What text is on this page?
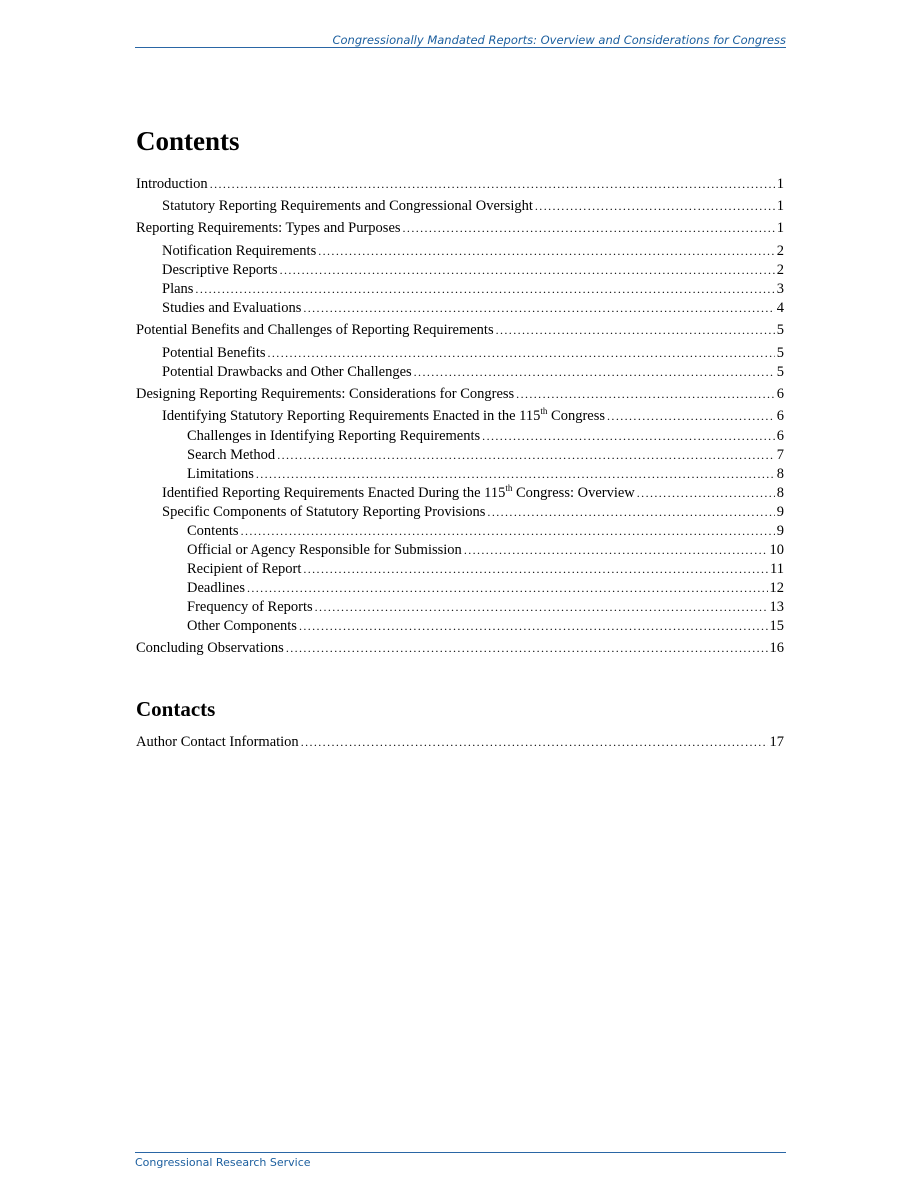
Congressionally Mandated Reports: Overview and Considerations for Congress
Contents
Introduction .....	1
Statutory Reporting Requirements and Congressional Oversight .....	1
Reporting Requirements: Types and Purposes .....	1
Notification Requirements .....	2
Descriptive Reports .....	2
Plans .....	3
Studies and Evaluations .....	4
Potential Benefits and Challenges of Reporting Requirements .....	5
Potential Benefits .....	5
Potential Drawbacks and Other Challenges .....	5
Designing Reporting Requirements: Considerations for Congress .....	6
Identifying Statutory Reporting Requirements Enacted in the 115th Congress .....	6
Challenges in Identifying Reporting Requirements .....	6
Search Method .....	7
Limitations .....	8
Identified Reporting Requirements Enacted During the 115th Congress: Overview .....	8
Specific Components of Statutory Reporting Provisions .....	9
Contents .....	9
Official or Agency Responsible for Submission .....	10
Recipient of Report .....	11
Deadlines .....	12
Frequency of Reports .....	13
Other Components .....	15
Concluding Observations .....	16
Contacts
Author Contact Information .....	17
Congressional Research Service
